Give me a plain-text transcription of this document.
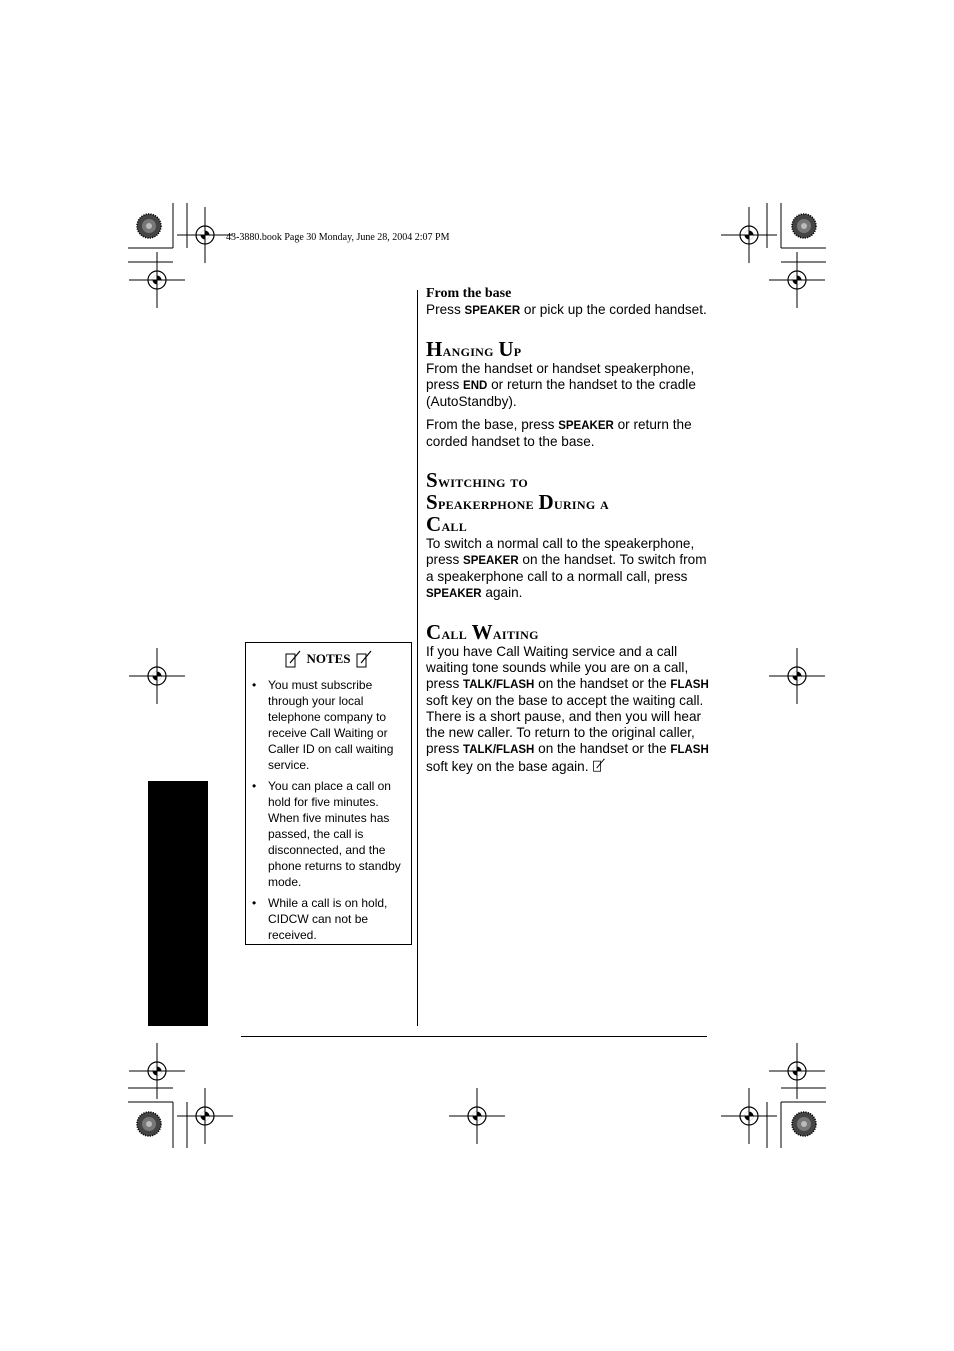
43-3880.book Page 30 Monday, June 28, 2004 2:07 PM
NOTES
• You must subscribe through your local telephone company to receive Call Waiting or Caller ID on call waiting service.
• You can place a call on hold for five minutes. When five minutes has passed, the call is disconnected, and the phone returns to standby mode.
• While a call is on hold, CIDCW can not be received.
From the base

Press SPEAKER or pick up the corded handset.

Hanging Up

From the handset or handset speakerphone, press END or return the handset to the cradle (AutoStandby).

From the base, press SPEAKER or return the corded handset to the base.

Switching to
Speakerphone During a
Call

To switch a normal call to the speakerphone, press SPEAKER on the handset. To switch from a speakerphone call to a normall call, press SPEAKER again.

Call Waiting

If you have Call Waiting service and a call waiting tone sounds while you are on a call, press TALK/FLASH on the handset or the FLASH soft key on the base to accept the waiting call. There is a short pause, and then you will hear the new caller. To return to the original caller, press TALK/FLASH on the handset or the FLASH soft key on the base again.
